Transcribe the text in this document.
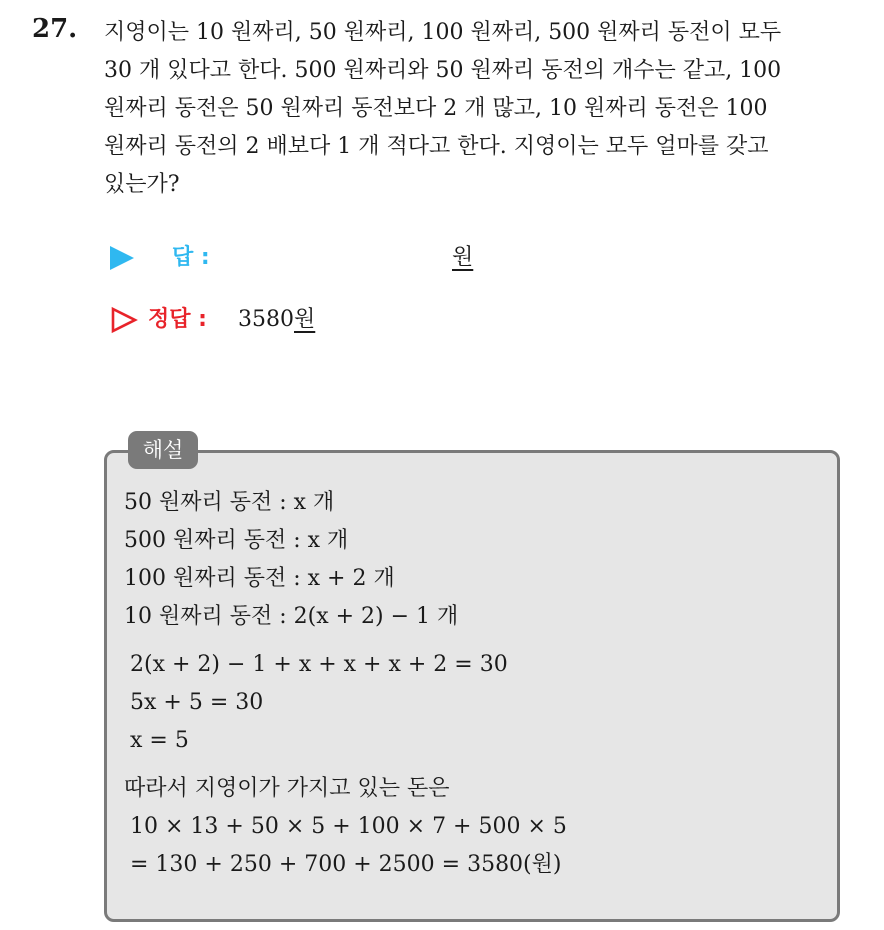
27. 지영이는 10 원짜리, 50 원짜리, 100 원짜리, 500 원짜리 동전이 모두
30 개 있다고 한다. 500 원짜리와 50 원짜리 동전의 개수는 같고, 100
원짜리 동전은 50 원짜리 동전보다 2 개 많고, 10 원짜리 동전은 100
원짜리 동전의 2 배보다 1 개 적다고 한다. 지영이는 모두 얼마를 갖고
있는가?
답 :	원
정답 : 3580원
해설
50 원짜리 동전 : x 개
500 원짜리 동전 : x 개
100 원짜리 동전 : x + 2 개
10 원짜리 동전 : 2(x + 2) − 1 개
2(x + 2) − 1 + x + x + x + 2 = 30
5x + 5 = 30
x = 5
따라서 지영이가 가지고 있는 돈은
10 × 13 + 50 × 5 + 100 × 7 + 500 × 5
= 130 + 250 + 700 + 2500 = 3580(원)
